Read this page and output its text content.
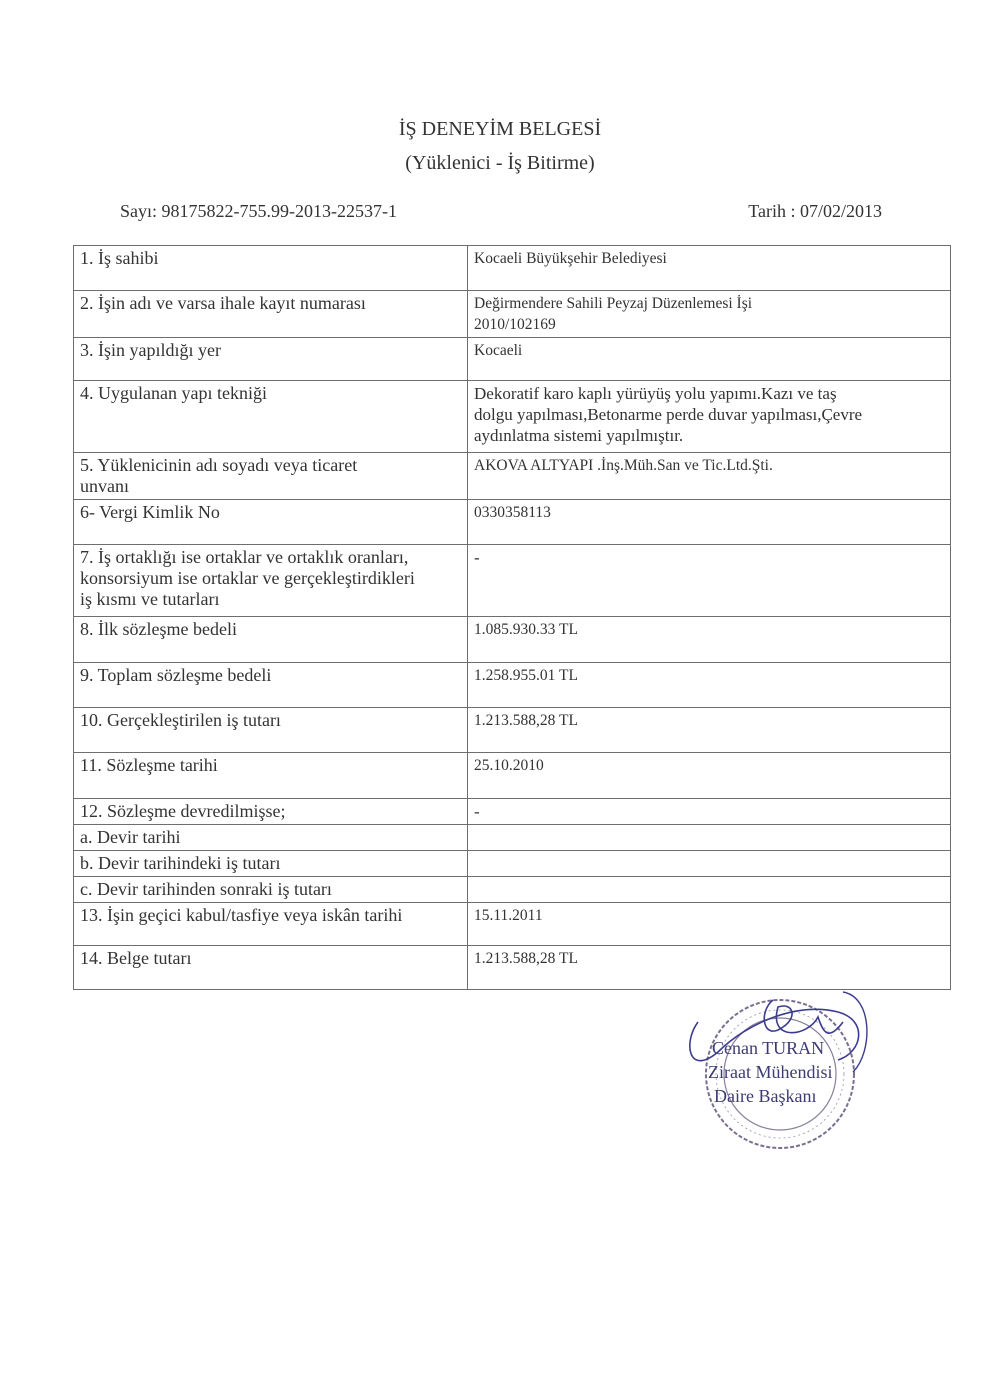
İŞ DENEYİM BELGESİ
(Yüklenici - İş Bitirme)
Sayı: 98175822-755.99-2013-22537-1	Tarih : 07/02/2013
1. İş sahibi	Kocaeli Büyükşehir Belediyesi
2. İşin adı ve varsa ihale kayıt numarası	Değirmendere Sahili Peyzaj Düzenlemesi İşi
2010/102169

3. İşin yapıldığı yer	Kocaeli
4. Uygulanan yapı tekniği	Dekoratif karo kaplı yürüyüş yolu yapımı.Kazı ve taş
dolgu yapılması,Betonarme perde duvar yapılması,Çevre
aydınlatma sistemi yapılmıştır.

5. Yüklenicinin adı soyadı veya ticaret
unvanı	AKOVA ALTYAPI .İnş.Müh.San ve Tic.Ltd.Şti.
6- Vergi Kimlik No	0330358113

7. İş ortaklığı ise ortaklar ve ortaklık oranları,
konsorsiyum ise ortaklar ve gerçekleştirdikleri
iş kısmı ve tutarları	-
8. İlk sözleşme bedeli	1.085.930.33 TL
9. Toplam sözleşme bedeli	1.258.955.01 TL
10. Gerçekleştirilen iş tutarı	1.213.588,28 TL
11. Sözleşme tarihi	25.10.2010
12. Sözleşme devredilmişse;	-
a. Devir tarihi	
b. Devir tarihindeki iş tutarı	
c. Devir tarihinden sonraki iş tutarı	
13. İşin geçici kabul/tasfiye veya iskân tarihi	15.11.2011
14. Belge tutarı	1.213.588,28 TL
Cenan TURAN
Ziraat Mühendisi
Daire Başkanı
